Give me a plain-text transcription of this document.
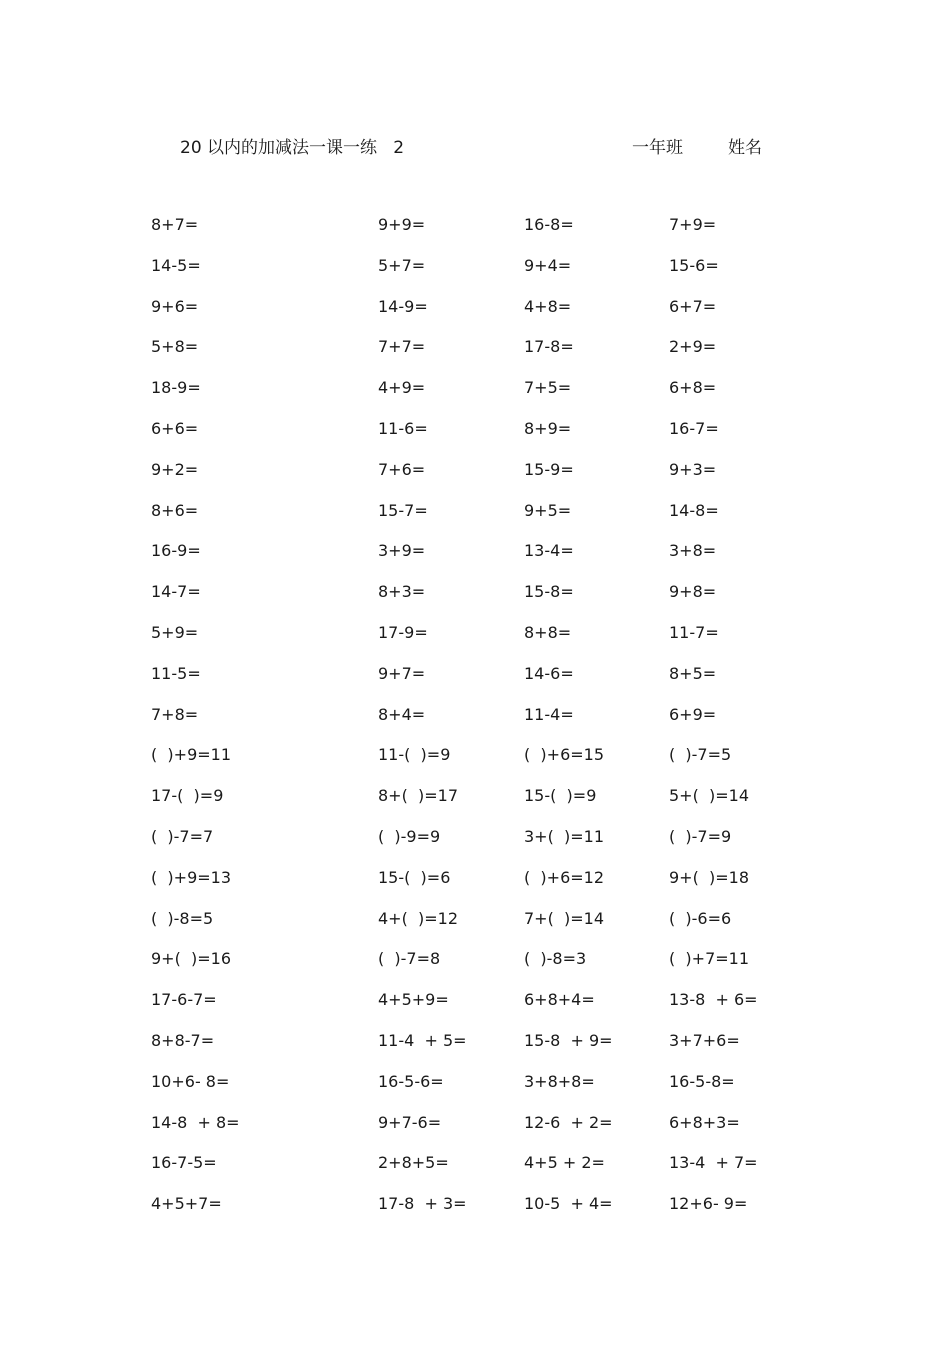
20 以内的加减法一课一练   2	一年班	姓名
8+7=	9+9=	16-8=	7+9=
14-5=	5+7=	9+4=	15-6=
9+6=	14-9=	4+8=	6+7=
5+8=	7+7=	17-8=	2+9=
18-9=	4+9=	7+5=	6+8=
6+6=	11-6=	8+9=	16-7=
9+2=	7+6=	15-9=	9+3=
8+6=	15-7=	9+5=	14-8=
16-9=	3+9=	13-4=	3+8=
14-7=	8+3=	15-8=	9+8=
5+9=	17-9=	8+8=	11-7=
11-5=	9+7=	14-6=	8+5=
7+8=	8+4=	11-4=	6+9=
(  )+9=11	11-(  )=9	(  )+6=15	(  )-7=5
17-(  )=9	8+(  )=17	15-(  )=9	5+(  )=14
(  )-7=7	(  )-9=9	3+(  )=11	(  )-7=9
(  )+9=13	15-(  )=6	(  )+6=12	9+(  )=18
(  )-8=5	4+(  )=12	7+(  )=14	(  )-6=6
9+(  )=16	(  )-7=8	(  )-8=3	(  )+7=11
17-6-7=	4+5+9=	6+8+4=	13-8  + 6=
8+8-7=	11-4  + 5=	15-8  + 9=	3+7+6=
10+6- 8=	16-5-6=	3+8+8=	16-5-8=
14-8  + 8=	9+7-6=	12-6  + 2=	6+8+3=
16-7-5=	2+8+5=	4+5 + 2=	13-4  + 7=
4+5+7=	17-8  + 3=	10-5  + 4=	12+6- 9=
